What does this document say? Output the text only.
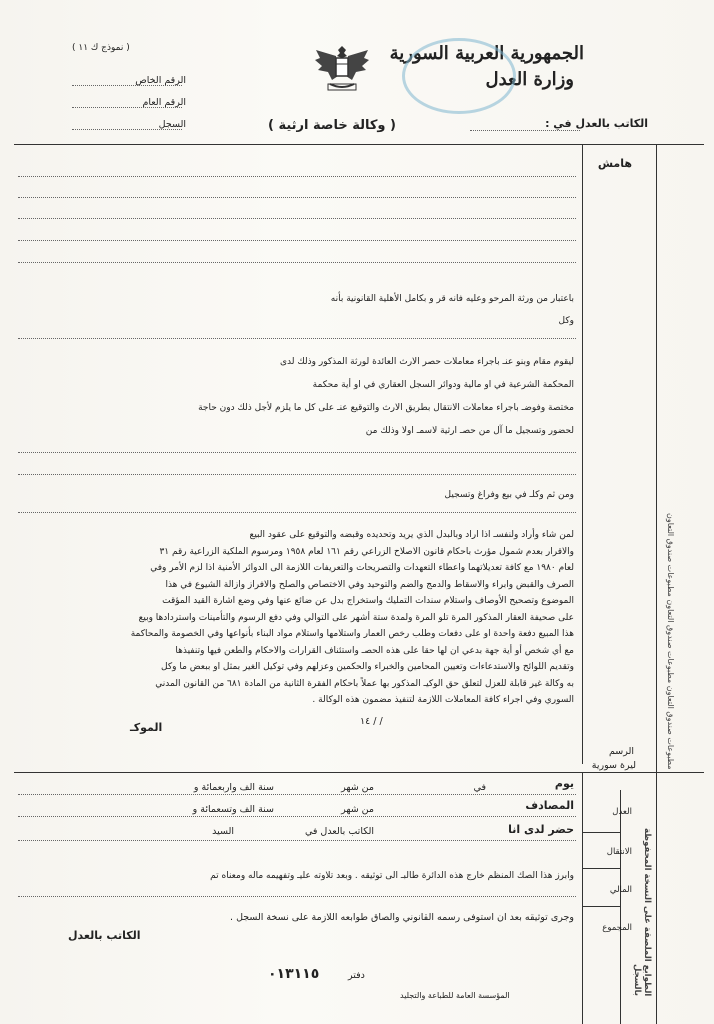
الجمهورية العربية السورية
وزارة العدل
( نموذج ك ١١ )
الرقم الخاص
الرقم العام
السجل	الكاتب بالعدل في :
( وكالة خاصة ارثية )
هامش
مطبوعات صندوق التعاون مطبوعات صندوق التعاون مطبوعات صندوق التعاون
باعتبار من ورثة المرحو وعليه فانه قر و بكامل الأهلية القانونية بأنه
وكل
ليقوم مقام وبنو عنـ باجراء معاملات حصر الارث العائدة لورثة المذكور وذلك لدى
المحكمة الشرعية في او مالية ودوائر السجل العقاري في او أية محكمة
مختصة وفوضـ باجراء معاملات الانتقال بطريق الارث والتوقيع عنـ على كل ما يلزم لأجل ذلك دون حاجة
لحضور وتسجيل ما آل من حصـ ارثية لاسمـ اولا وذلك من
ومن ثم وكلـ في بيع وفراغ وتسجيل
لمن شاء وأراد ولنفسـ اذا اراد وبالبدل الذي يريد وتحديده وقبضه والتوقيع على عقود البيع
والاقرار بعدم شمول مؤرث باحكام قانون الاصلاح الزراعي رقم ١٦١ لعام ١٩٥٨ ومرسوم الملكية الزراعية رقم ٣١
لعام ١٩٨٠ مع كافة تعديلاتهما واعطاء التعهدات والتصريحات والتعريفات اللازمة الى الدوائر الأمنية اذا لزم الأمر وفي
الصرف والقبض وابراء والاسقاط والدمج والضم والتوحيد وفي الاختصاص والصلح والافراز وازالة الشيوع في هذا
الموضوع وتصحيح الأوصاف واستلام سندات التمليك واستخراج بدل عن ضائع عنها وفي وضع اشارة القيد المؤقت
على صحيفة العقار المذكور المرة تلو المرة ولمدة ستة أشهر على التوالي وفي دفع الرسوم والتأمينات واستردادها وبيع
هذا المبيع دفعة واحدة او على دفعات وطلب رخص العمار واستلامها واستلام مواد البناء بأنواعها وفي الخصومة والمحاكمة
مع أي شخص أو أية جهة بدعي ان لها حقا على هذه الحصـ واستئناف القرارات والاحكام والطعن فيها وتنفيذها
وتقديم اللوائح والاستدعاءات وتعيين المحامين والخبراء والحكمين وعزلهم وفي توكيل الغير بمثل او ببعض ما وكل
به وكالة غير قابلة للعزل لتعلق حق الوكيـ المذكور بها عملاً باحكام الفقرة الثانية من المادة ٦٨١ من القانون المدني
السوري وفي اجراء كافة المعاملات اللازمة لتنفيذ مضمون هذه الوكالة .
/ / ١٤
الموكـ
الرسم
ليرة سورية
يوم
في
من شهر
سنة الف واربعمائة و
المصادف
من شهر
سنة الف وتسعمائة و
حضر لدى انا
الكاتب بالعدل في
السيد
وابرز هذا الصك المنظم خارج هذه الدائرة طالبـ الى توثيقه . وبعد تلاوته عليـ وتفهيمه ماله ومعناه تم
وجرى توثيقه بعد ان استوفى رسمه القانوني والصاق طوابعه اللازمة على نسخة السجل .
الكاتب بالعدل
دفتر
٠١٣١١٥
المؤسسة العامة للطباعة والتجليد
العدل
الانتقال
المالي
المجموع	الطوابع الملصقة على النسخة المحفوظة بالسجل
